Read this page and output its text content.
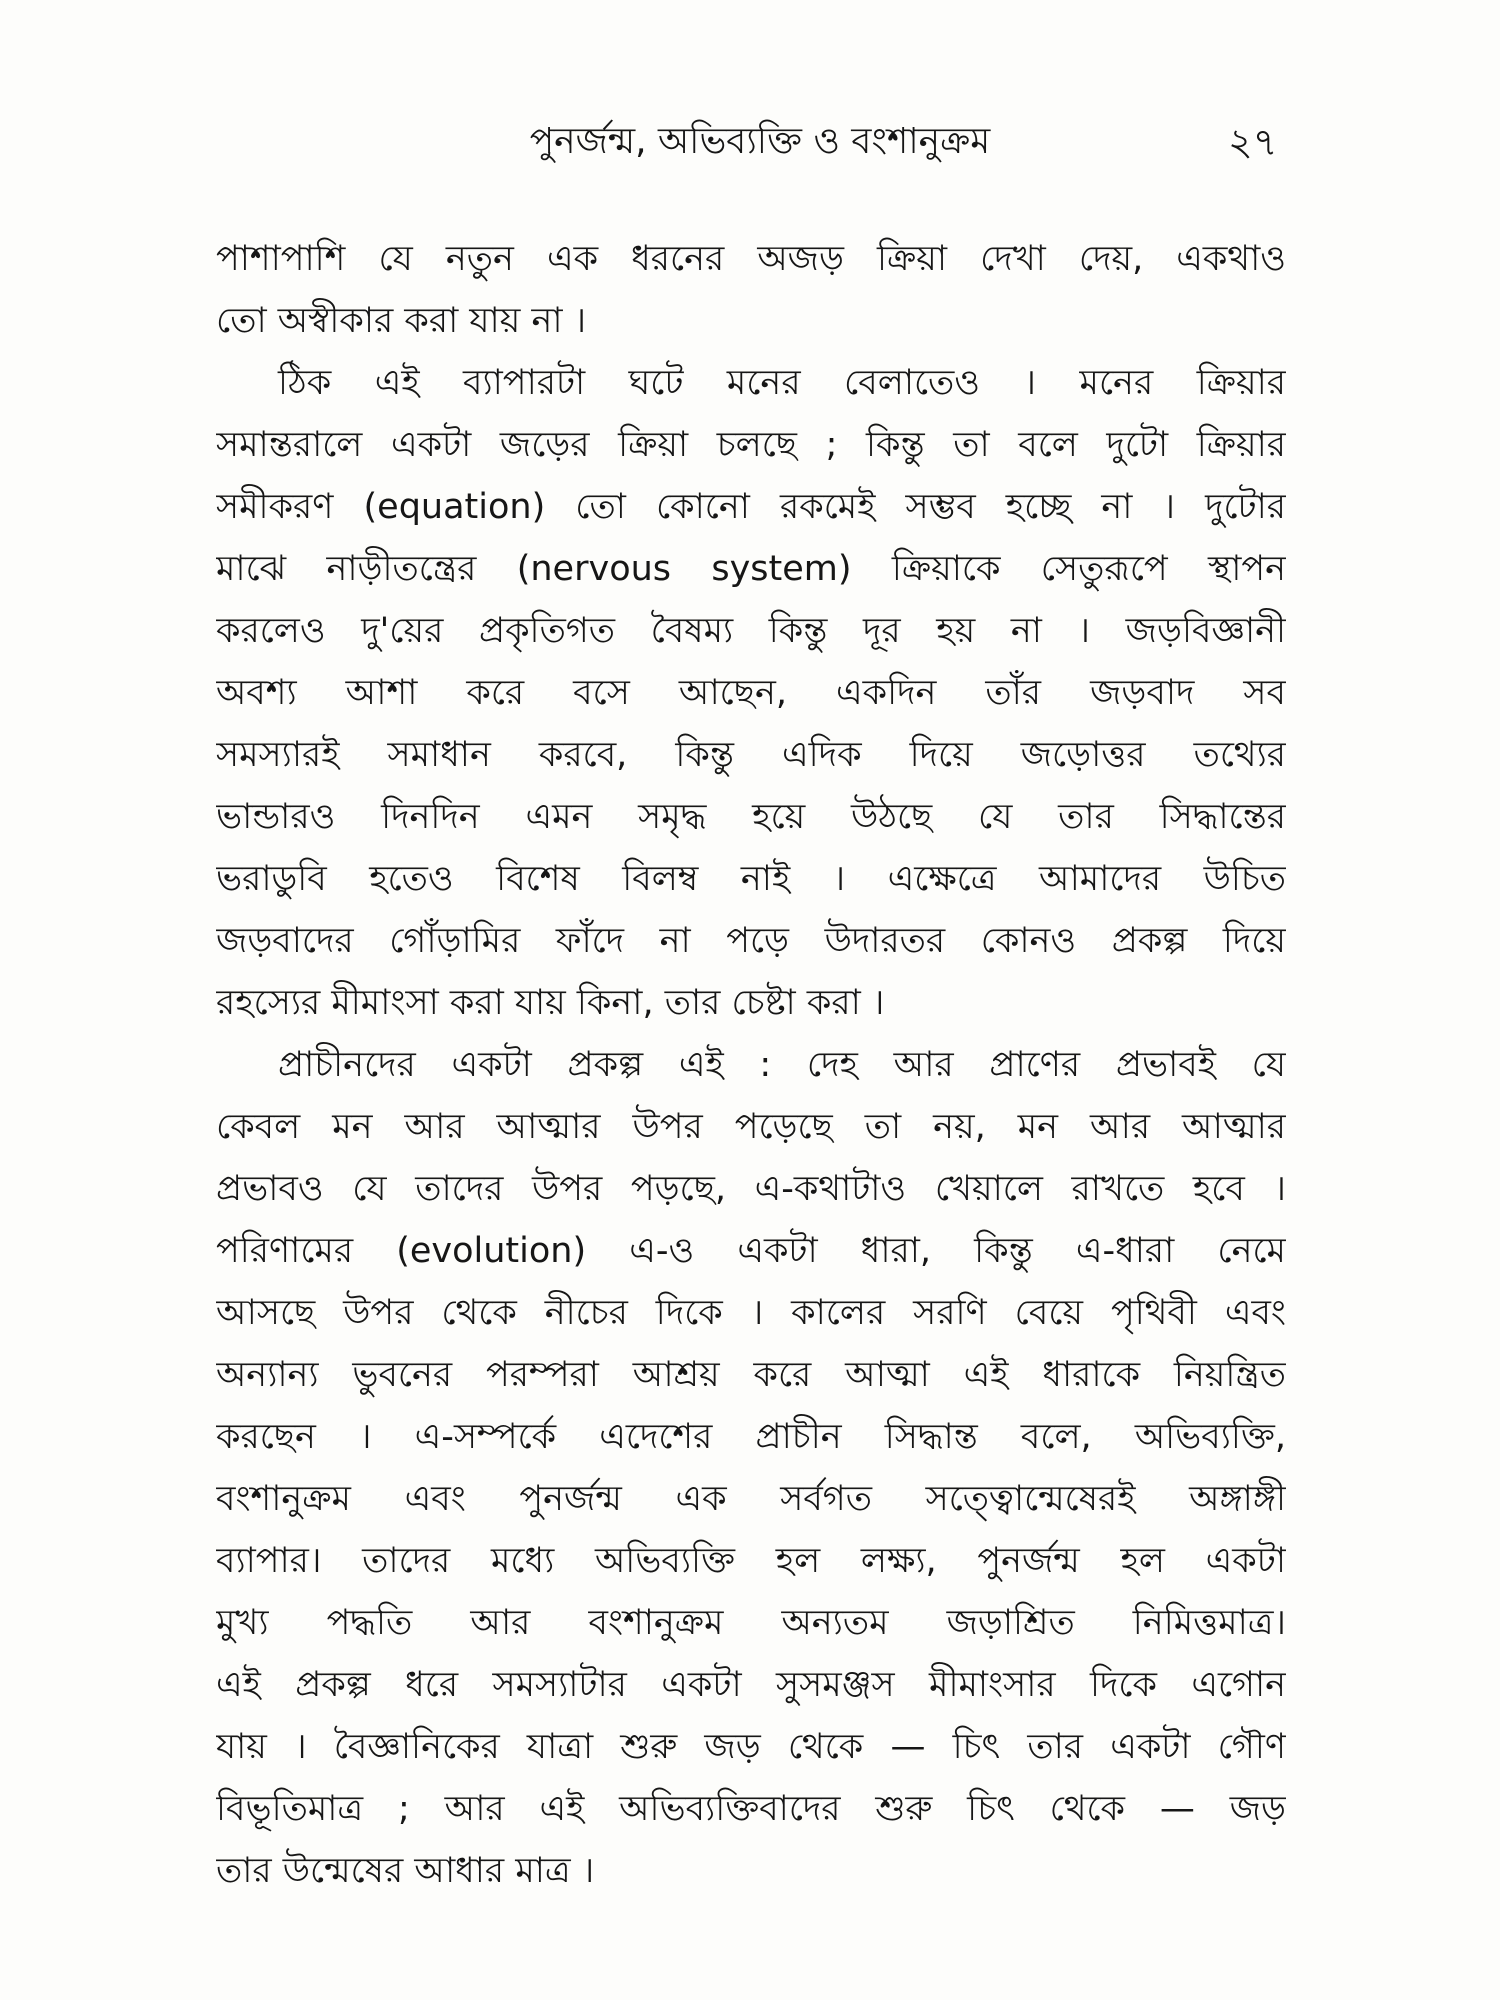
পুনর্জন্ম, অভিব্যক্তি ও বংশানুক্রম	২৭
পাশাপাশি যে নতুন এক ধরনের অজড় ক্রিয়া দেখা দেয়, একথাও
তো অস্বীকার করা যায় না ।
ঠিক এই ব্যাপারটা ঘটে মনের বেলাতেও । মনের ক্রিয়ার
সমান্তরালে একটা জড়ের ক্রিয়া চলছে ; কিন্তু তা বলে দুটো ক্রিয়ার
সমীকরণ (equation) তো কোনো রকমেই সম্ভব হচ্ছে না । দুটোর
মাঝে নাড়ীতন্ত্রের (nervous system) ক্রিয়াকে সেতুরূপে স্থাপন
করলেও দু'য়ের প্রকৃতিগত বৈষম্য কিন্তু দূর হয় না । জড়বিজ্ঞানী
অবশ্য আশা করে বসে আছেন, একদিন তাঁর জড়বাদ সব
সমস্যারই সমাধান করবে, কিন্তু এদিক দিয়ে জড়োত্তর তথ্যের
ভান্ডারও দিনদিন এমন সমৃদ্ধ হয়ে উঠছে যে তার সিদ্ধান্তের
ভরাডুবি হতেও বিশেষ বিলম্ব নাই । এক্ষেত্রে আমাদের উচিত
জড়বাদের গোঁড়ামির ফাঁদে না পড়ে উদারতর কোনও প্রকল্প দিয়ে
রহস্যের মীমাংসা করা যায় কিনা, তার চেষ্টা করা ।
প্রাচীনদের একটা প্রকল্প এই : দেহ আর প্রাণের প্রভাবই যে
কেবল মন আর আত্মার উপর পড়েছে তা নয়, মন আর আত্মার
প্রভাবও যে তাদের উপর পড়ছে, এ-কথাটাও খেয়ালে রাখতে হবে ।
পরিণামের (evolution) এ-ও একটা ধারা, কিন্তু এ-ধারা নেমে
আসছে উপর থেকে নীচের দিকে । কালের সরণি বেয়ে পৃথিবী এবং
অন্যান্য ভুবনের পরম্পরা আশ্রয় করে আত্মা এই ধারাকে নিয়ন্ত্রিত
করছেন । এ-সম্পর্কে এদেশের প্রাচীন সিদ্ধান্ত বলে, অভিব্যক্তি,
বংশানুক্রম এবং পুনর্জন্ম এক সর্বগত সত্ত্বোন্মেষেরই অঙ্গাঙ্গী
ব্যাপার। তাদের মধ্যে অভিব্যক্তি হল লক্ষ্য, পুনর্জন্ম হল একটা
মুখ্য পদ্ধতি আর বংশানুক্রম অন্যতম জড়াশ্রিত নিমিত্তমাত্র।
এই প্রকল্প ধরে সমস্যাটার একটা সুসমঞ্জস মীমাংসার দিকে এগোন
যায় । বৈজ্ঞানিকের যাত্রা শুরু জড় থেকে — চিৎ তার একটা গৌণ
বিভূতিমাত্র ; আর এই অভিব্যক্তিবাদের শুরু চিৎ থেকে — জড়
তার উন্মেষের আধার মাত্র ।
